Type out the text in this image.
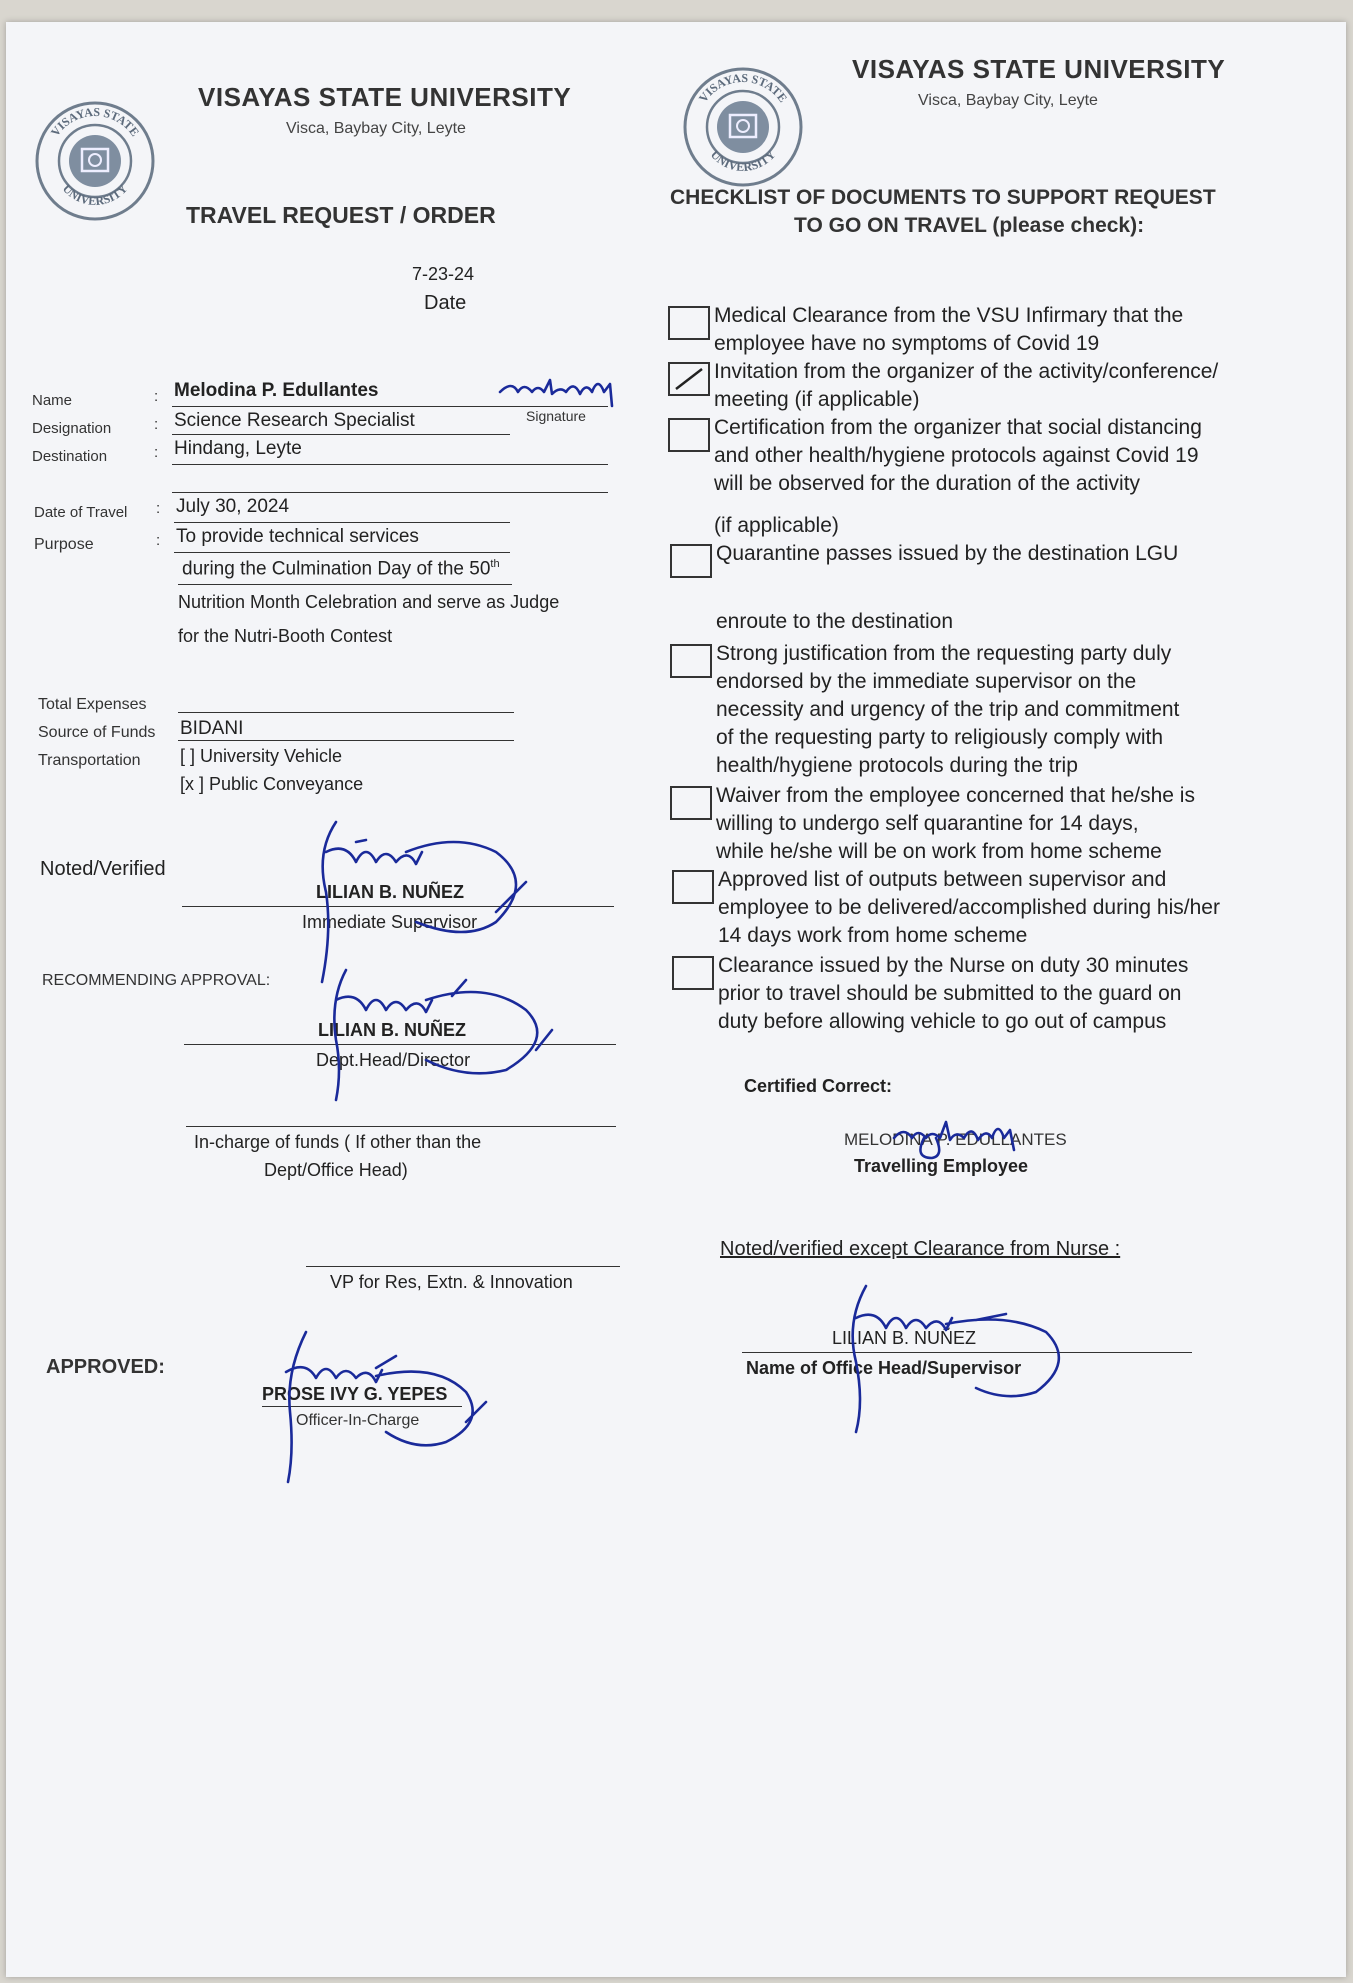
VISAYAS STATE
UNIVERSITY
VISAYAS STATE
UNIVERSITY
VISAYAS STATE UNIVERSITY
Visca, Baybay City, Leyte
TRAVEL REQUEST / ORDER
7-23-24
Date
Name	: Melodina P. Edullantes
Signature
Designation	: Science Research Specialist
Destination	: Hindang, Leyte
Date of Travel : July 30, 2024
Purpose	: To provide technical services
during the Culmination Day of the 50th
Nutrition Month Celebration and serve as Judge
for the Nutri-Booth Contest
Total Expenses
Source of Funds BIDANI
Transportation [ ] University Vehicle
[x ] Public Conveyance
Noted/Verified
LILIAN B. NUÑEZ
Immediate Supervisor
RECOMMENDING APPROVAL:
LILIAN B. NUÑEZ
Dept.Head/Director
In-charge of funds ( If other than the
Dept/Office Head)
VP for Res, Extn. & Innovation
APPROVED:
PROSE IVY G. YEPES
Officer-In-Charge
VISAYAS STATE UNIVERSITY
Visca, Baybay City, Leyte
CHECKLIST OF DOCUMENTS TO SUPPORT REQUEST
TO GO ON TRAVEL (please check):
Medical Clearance from the VSU Infirmary that the
employee have no symptoms of Covid 19
Invitation from the organizer of the activity/conference/
meeting (if applicable)
Certification from the organizer that social distancing
and other health/hygiene protocols against Covid 19
will be observed for the duration of the activity
(if applicable)
Quarantine passes issued by the destination LGU
enroute to the destination
Strong justification from the requesting party duly
endorsed by the immediate supervisor on the
necessity and urgency of the trip and commitment
of the requesting party to religiously comply with
health/hygiene protocols during the trip
Waiver from the employee concerned that he/she is
willing to undergo self quarantine for 14 days,
while he/she will be on work from home scheme
Approved list of outputs between supervisor and
employee to be delivered/accomplished during his/her
14 days work from home scheme
Clearance issued by the Nurse on duty 30 minutes
prior to travel should be submitted to the guard on
duty before allowing vehicle to go out of campus
Certified Correct:
MELODINA P. EDULLANTES
Travelling Employee
Noted/verified except Clearance from Nurse :
LILIAN B. NUÑEZ
Name of Office Head/Supervisor
